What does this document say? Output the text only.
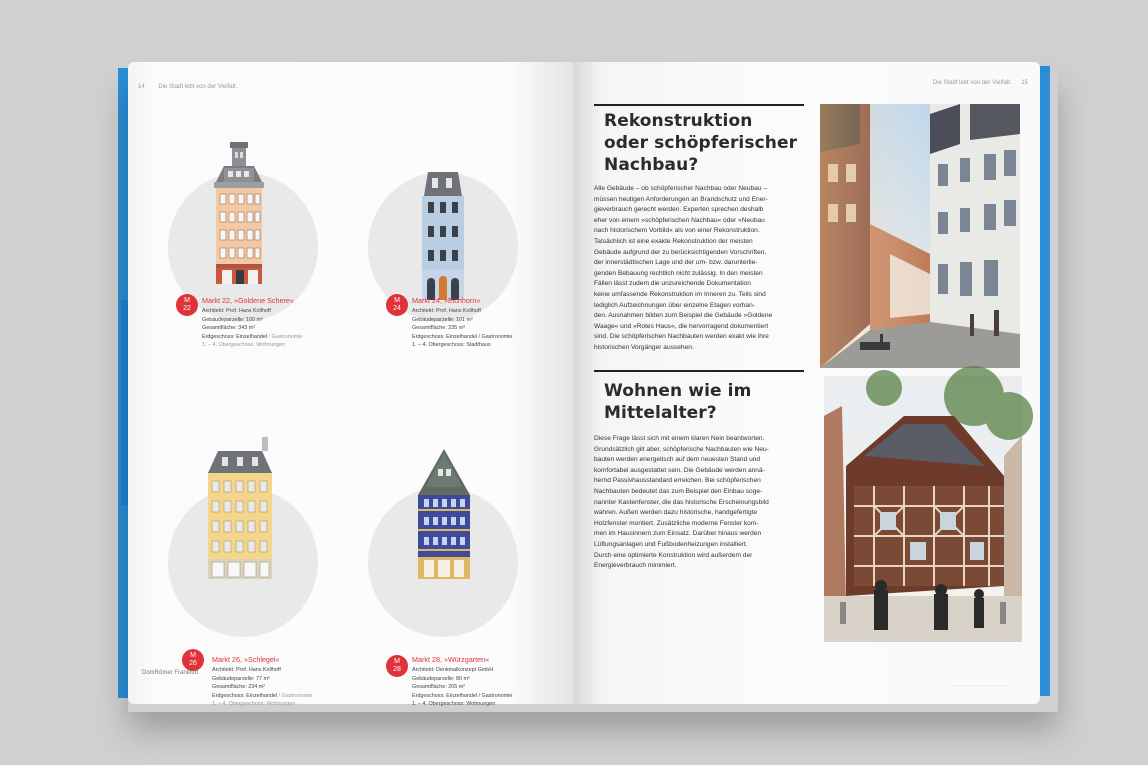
14 Die Stadt lebt von der Vielfalt.
M
22
Markt 22, »Goldene Schere«
Architekt: Prof. Hans Kollhoff
Gebäudeparzelle: 100 m²
Gesamtfläche: 343 m²
Erdgeschoss: Einzelhandel / Gastronomie
1. – 4. Obergeschoss: Wohnungen
M
24
Markt 24, »Eichhorn«
Architekt: Prof. Hans Kollhoff
Gebäudeparzelle: 101 m²
Gesamtfläche: 235 m²
Erdgeschoss: Einzelhandel / Gastronomie
1. – 4. Obergeschoss: Stadthaus
M
26	Markt 26, »Schlegel«
Architekt: Prof. Hans Kollhoff
Gebäudeparzelle: 77 m²
Gesamtfläche: 234 m²
Erdgeschoss: Einzelhandel / Gastronomie
1. – 4. Obergeschoss: Wohnungen
M
28
Markt 28, »Würzgarten«
Architekt: Denkmalkonzept GmbH
Gebäudeparzelle: 80 m²
Gesamtfläche: 205 m²
Erdgeschoss: Einzelhandel / Gastronomie
1. – 4. Obergeschoss: Wohnungen
DomRömer Frankfurt
Die Stadt lebt von der Vielfalt. 15
Rekonstruktion
oder schöpferischer
Nachbau?
Alle Gebäude – ob schöpferischer Nachbau oder Neubau –
müssen heutigen Anforderungen an Brandschutz und Ener-
gieverbrauch gerecht werden. Experten sprechen deshalb
eher von einem »schöpferischen Nachbau« oder »Neubau
nach historischem Vorbild« als von einer Rekonstruktion.
Tatsächlich ist eine exakte Rekonstruktion der meisten
Gebäude aufgrund der zu berücksichtigenden Vorschriften,
der innerstädtischen Lage und der um- bzw. darunterlie-
genden Bebauung rechtlich nicht zulässig. In den meisten
Fällen lässt zudem die unzureichende Dokumentation
keine umfassende Rekonstruktion im Inneren zu. Teils sind
lediglich Aufzeichnungen über einzelne Etagen vorhan-
den. Ausnahmen bilden zum Beispiel die Gebäude »Goldene
Waage« und »Rotes Haus«, die hervorragend dokumentiert
sind. Die schöpferischen Nachbauten werden exakt wie ihre
historischen Vorgänger aussehen.
Wohnen wie im
Mittelalter?
Diese Frage lässt sich mit einem klaren Nein beantworten.
Grundsätzlich gilt aber, schöpferische Nachbauten wie Neu-
bauten werden energetisch auf dem neuesten Stand und
komfortabel ausgestattet sein. Die Gebäude werden annä-
hernd Passivhausstandard erreichen. Bei schöpferischen
Nachbauten bedeutet das zum Beispiel den Einbau soge-
nannter Kastenfenster, die das historische Erscheinungsbild
wahren. Außen werden dazu historische, handgefertigte
Holzfenster montiert. Zusätzliche moderne Fenster kom-
men im Hausinnern zum Einsatz. Darüber hinaus werden
Lüftungsanlagen und Fußbodenheizungen installiert.
Durch eine optimierte Konstruktion wird außerdem der
Energieverbrauch minimiert.
